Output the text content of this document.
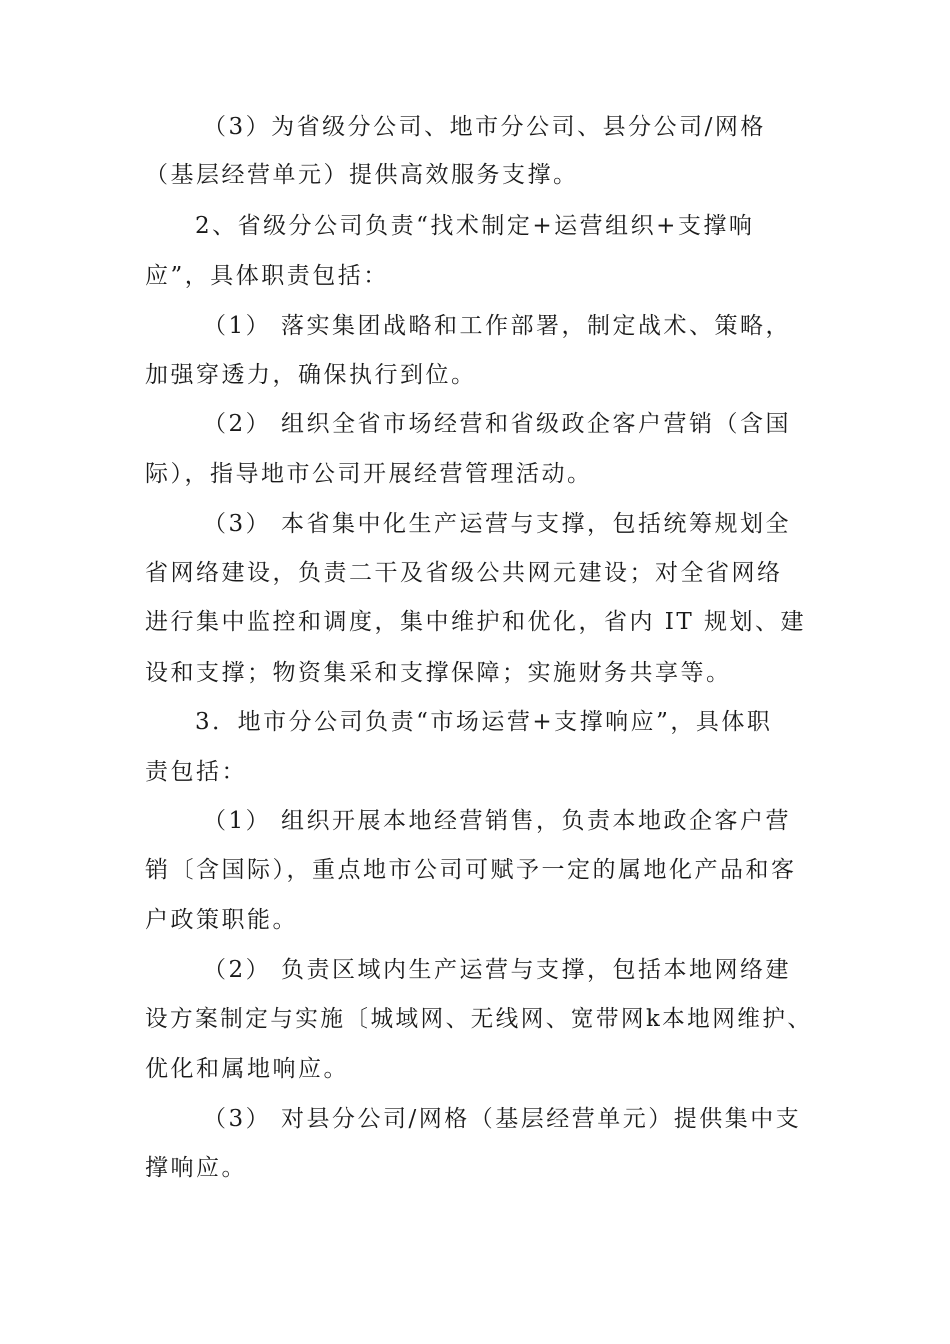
（3）为省级分公司、地市分公司、县分公司/网格
（基层经营单元）提供高效服务支撑。
2、省级分公司负责“找术制定+运营组织+支撑响
应”，具体职责包括：
（1） 落实集团战略和工作部署，制定战术、策略，
加强穿透力，确保执行到位。
（2） 组织全省市场经营和省级政企客户营销（含国
际），指导地市公司开展经营管理活动。
（3） 本省集中化生产运营与支撑，包括统筹规划全
省网络建设，负责二干及省级公共网元建设；对全省网络
进行集中监控和调度，集中维护和优化，省内 IT 规划、建
设和支撑；物资集采和支撑保障；实施财务共享等。
3．地市分公司负责“市场运营+支撑响应”，具体职
责包括：
（1） 组织开展本地经营销售，负责本地政企客户营
销〔含国际），重点地市公司可赋予一定的属地化产品和客
户政策职能。
（2） 负责区域内生产运营与支撑，包括本地网络建
设方案制定与实施〔城域网、无线网、宽带网k本地网维护、
优化和属地响应。
（3） 对县分公司/网格（基层经营单元）提供集中支
撑响应。
